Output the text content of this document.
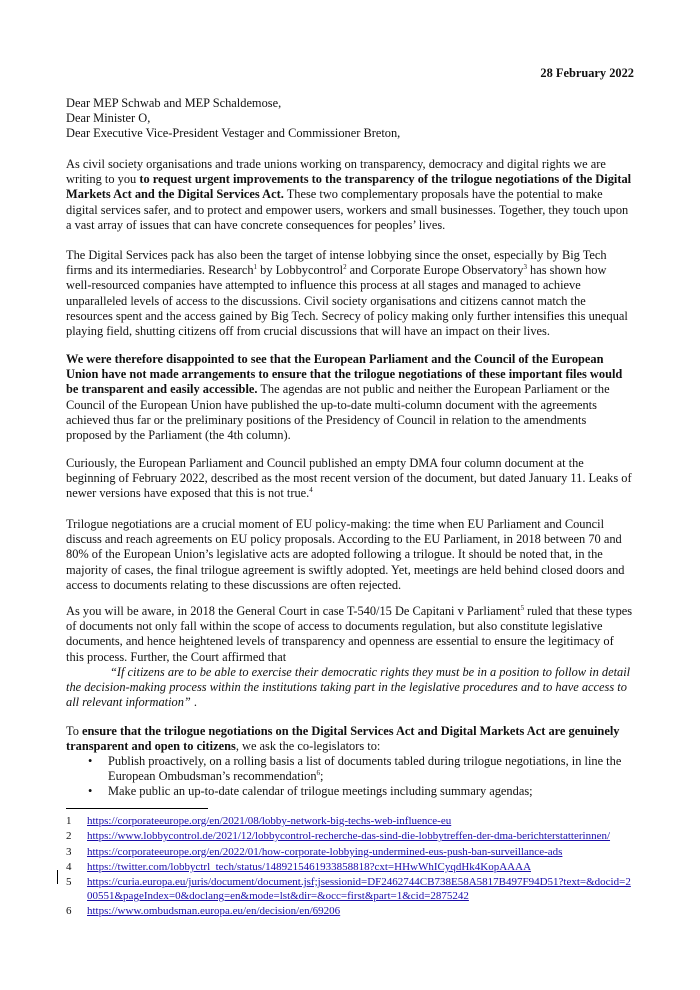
28 February 2022
Dear MEP Schwab and MEP Schaldemose,
Dear Minister O,
Dear Executive Vice-President Vestager and Commissioner Breton,

As civil society organisations and trade unions working on transparency, democracy and digital rights we are writing to you to request urgent improvements to the transparency of the trilogue negotiations of the Digital Markets Act and the Digital Services Act. These two complementary proposals have the potential to make digital services safer, and to protect and empower users, workers and small businesses. Together, they touch upon a vast array of issues that can have concrete consequences for peoples’ lives.

The Digital Services pack has also been the target of intense lobbying since the onset, especially by Big Tech firms and its intermediaries. Research$^1$ by Lobbycontrol$^2$ and Corporate Europe Observatory$^3$ has shown how well-resourced companies have attempted to influence this process at all stages and managed to achieve unparalleled levels of access to the discussions. Civil society organisations and citizens cannot match the resources spent and the access gained by Big Tech. Secrecy of policy making only further intensifies this unequal playing field, shutting citizens off from crucial discussions that will have an impact on their lives.

We were therefore disappointed to see that the European Parliament and the Council of the European Union have not made arrangements to ensure that the trilogue negotiations of these important files would be transparent and easily accessible. The agendas are not public and neither the European Parliament or the Council of the European Union have published the up-to-date multi-column document with the agreements achieved thus far or the preliminary positions of the Presidency of Council in relation to the amendments proposed by the Parliament (the 4th column).

Curiously, the European Parliament and Council published an empty DMA four column document at the beginning of February 2022, described as the most recent version of the document, but dated January 11. Leaks of newer versions have exposed that this is not true.$^4$

Trilogue negotiations are a crucial moment of EU policy-making: the time when EU Parliament and Council discuss and reach agreements on EU policy proposals. According to the EU Parliament, in 2018 between 70 and 80% of the European Union’s legislative acts are adopted following a trilogue. It should be noted that, in the majority of cases, the final trilogue agreement is swiftly adopted. Yet, meetings are held behind closed doors and access to documents relating to these discussions are often rejected.

As you will be aware, in 2018 the General Court in case T-540/15 De Capitani v Parliament$^5$ ruled that these types of documents not only fall within the scope of access to documents regulation, but also constitute legislative documents, and hence heightened levels of transparency and openness are essential to ensure the legitimacy of this process. Further, the Court affirmed that
“If citizens are to be able to exercise their democratic rights they must be in a position to follow in detail the decision-making process within the institutions taking part in the legislative procedures and to have access to all relevant information” .

To ensure that the trilogue negotiations on the Digital Services Act and Digital Markets Act are genuinely transparent and open to citizens, we ask the co-legislators to:

• Publish proactively, on a rolling basis a list of documents tabled during trilogue negotiations, in line the European Ombudsman’s recommendation$^6$;
• Make public an up-to-date calendar of trilogue meetings including summary agendas;
1 https://corporateeurope.org/en/2021/08/lobby-network-big-techs-web-influence-eu
2 https://www.lobbycontrol.de/2021/12/lobbycontrol-recherche-das-sind-die-lobbytreffen-der-dma-berichterstatterinnen/
3 https://corporateeurope.org/en/2022/01/how-corporate-lobbying-undermined-eus-push-ban-surveillance-ads
4 https://twitter.com/lobbyctrl_tech/status/1489215461933858818?cxt=HHwWhICyqdHk4KopAAAA
5 https://curia.europa.eu/juris/document/document.jsf;jsessionid=DF2462744CB738E58A5817B497F94D51?text=&docid=200551&pageIndex=0&doclang=en&mode=lst&dir=&occ=first&part=1&cid=2875242
6 https://www.ombudsman.europa.eu/en/decision/en/69206
